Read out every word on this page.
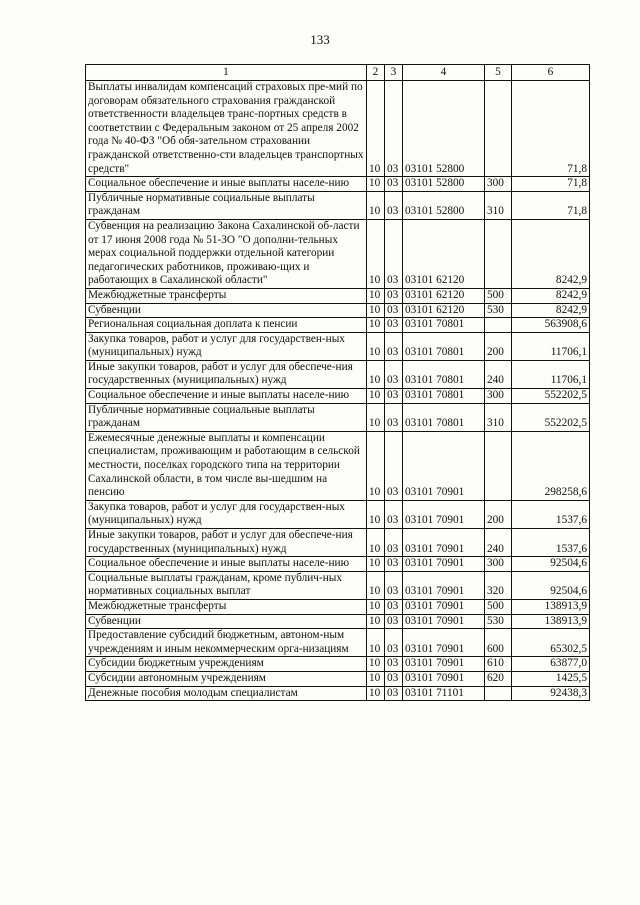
133
1	2	3	4	5	6
Выплаты инвалидам компенсаций страховых пре-мий по договорам обязательного страхования гражданской ответственности владельцев транс-портных средств в соответствии с Федеральным законом от 25 апреля 2002 года № 40-ФЗ "Об обя-зательном страховании гражданской ответственно-сти владельцев транспортных средств"	10	03	03101 52800		71,8
Социальное обеспечение и иные выплаты населе-нию	10	03	03101 52800	300	71,8
Публичные нормативные социальные выплаты гражданам	10	03	03101 52800	310	71,8
Субвенция на реализацию Закона Сахалинской об-ласти от 17 июня 2008 года № 51-ЗО "О дополни-тельных мерах социальной поддержки отдельной категории педагогических работников, проживаю-щих и работающих в Сахалинской области"	10	03	03101 62120		8242,9
Межбюджетные трансферты	10	03	03101 62120	500	8242,9
Субвенции	10	03	03101 62120	530	8242,9
Региональная социальная доплата к пенсии	10	03	03101 70801		563908,6
Закупка товаров, работ и услуг для государствен-ных (муниципальных) нужд	10	03	03101 70801	200	11706,1
Иные закупки товаров, работ и услуг для обеспече-ния государственных (муниципальных) нужд	10	03	03101 70801	240	11706,1
Социальное обеспечение и иные выплаты населе-нию	10	03	03101 70801	300	552202,5
Публичные нормативные социальные выплаты гражданам	10	03	03101 70801	310	552202,5
Ежемесячные денежные выплаты и компенсации специалистам, проживающим и работающим в сельской местности, поселках городского типа на территории Сахалинской области, в том числе вы-шедшим на пенсию	10	03	03101 70901		298258,6
Закупка товаров, работ и услуг для государствен-ных (муниципальных) нужд	10	03	03101 70901	200	1537,6
Иные закупки товаров, работ и услуг для обеспече-ния государственных (муниципальных) нужд	10	03	03101 70901	240	1537,6
Социальное обеспечение и иные выплаты населе-нию	10	03	03101 70901	300	92504,6
Социальные выплаты гражданам, кроме публич-ных нормативных социальных выплат	10	03	03101 70901	320	92504,6
Межбюджетные трансферты	10	03	03101 70901	500	138913,9
Субвенции	10	03	03101 70901	530	138913,9
Предоставление субсидий бюджетным, автоном-ным учреждениям и иным некоммерческим орга-низациям	10	03	03101 70901	600	65302,5
Субсидии бюджетным учреждениям	10	03	03101 70901	610	63877,0
Субсидии автономным учреждениям	10	03	03101 70901	620	1425,5
Денежные пособия молодым специалистам	10	03	03101 71101		92438,3
